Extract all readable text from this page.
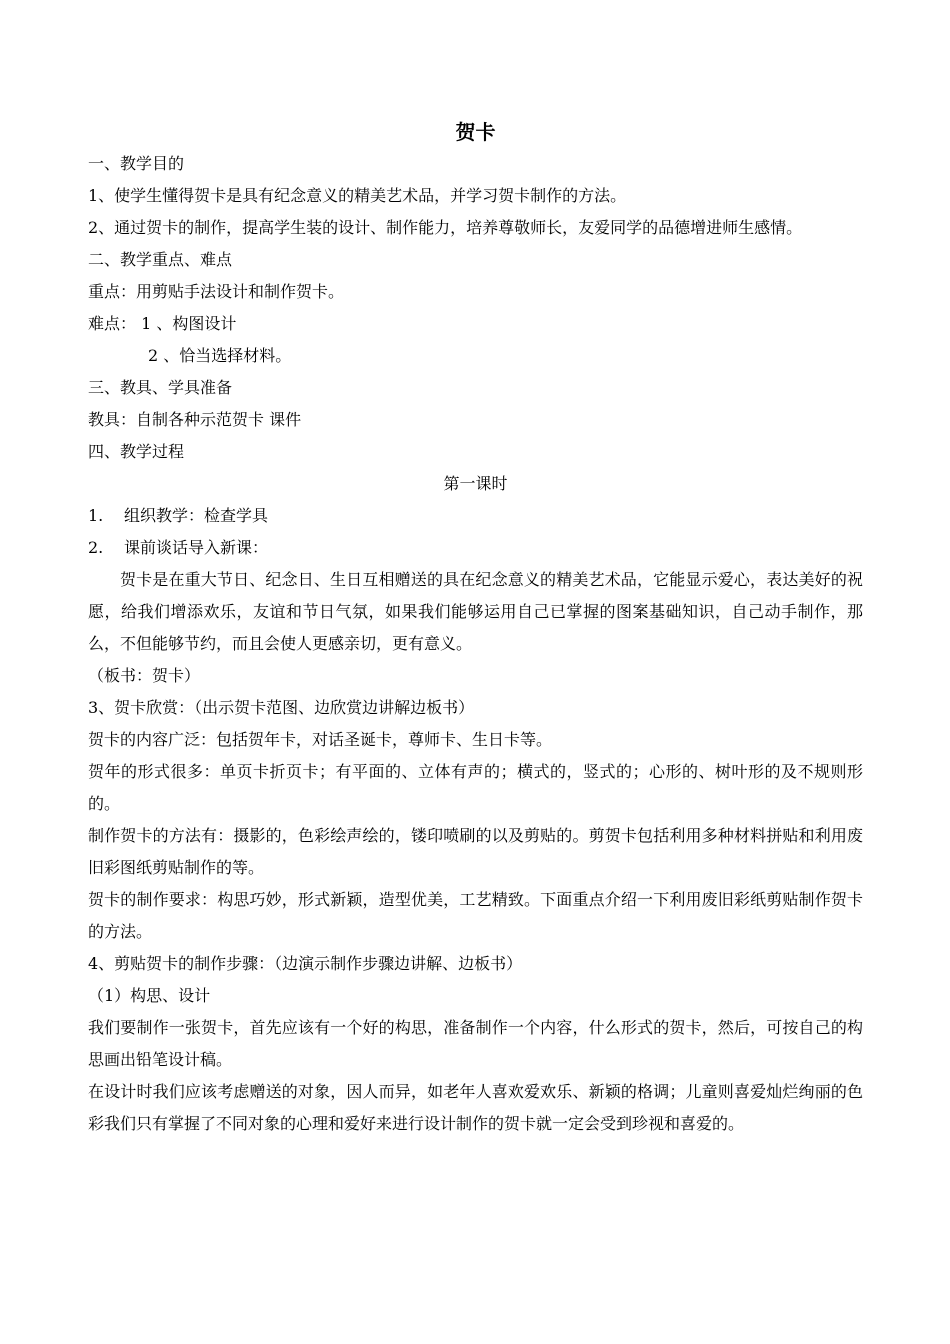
贺卡
一、教学目的
1、使学生懂得贺卡是具有纪念意义的精美艺术品，并学习贺卡制作的方法。
2、通过贺卡的制作，提高学生装的设计、制作能力，培养尊敬师长，友爱同学的品德增进师生感情。
二、教学重点、难点
重点：用剪贴手法设计和制作贺卡。
难点： 1 、构图设计
2 、恰当选择材料。
三、教具、学具准备
教具：自制各种示范贺卡 课件
四、教学过程
第一课时
1. 组织教学：检查学具
2. 课前谈话导入新课：
贺卡是在重大节日、纪念日、生日互相赠送的具在纪念意义的精美艺术品，它能显示爱心，表达美好的祝愿，给我们增添欢乐，友谊和节日气氛，如果我们能够运用自己已掌握的图案基础知识，自己动手制作，那么，不但能够节约，而且会使人更感亲切，更有意义。
（板书：贺卡）
3、贺卡欣赏：（出示贺卡范图、边欣赏边讲解边板书）
贺卡的内容广泛：包括贺年卡，对话圣诞卡，尊师卡、生日卡等。
贺年的形式很多：单页卡折页卡；有平面的、立体有声的；横式的，竖式的；心形的、树叶形的及不规则形的。
制作贺卡的方法有：摄影的，色彩绘声绘的，镂印喷刷的以及剪贴的。剪贺卡包括利用多种材料拼贴和利用废旧彩图纸剪贴制作的等。
贺卡的制作要求：构思巧妙，形式新颖，造型优美，工艺精致。下面重点介绍一下利用废旧彩纸剪贴制作贺卡的方法。
4、剪贴贺卡的制作步骤：（边演示制作步骤边讲解、边板书）
（1）构思、设计
我们要制作一张贺卡，首先应该有一个好的构思，准备制作一个内容，什么形式的贺卡，然后，可按自己的构思画出铅笔设计稿。
在设计时我们应该考虑赠送的对象，因人而异，如老年人喜欢爱欢乐、新颖的格调；儿童则喜爱灿烂绚丽的色彩我们只有掌握了不同对象的心理和爱好来进行设计制作的贺卡就一定会受到珍视和喜爱的。
